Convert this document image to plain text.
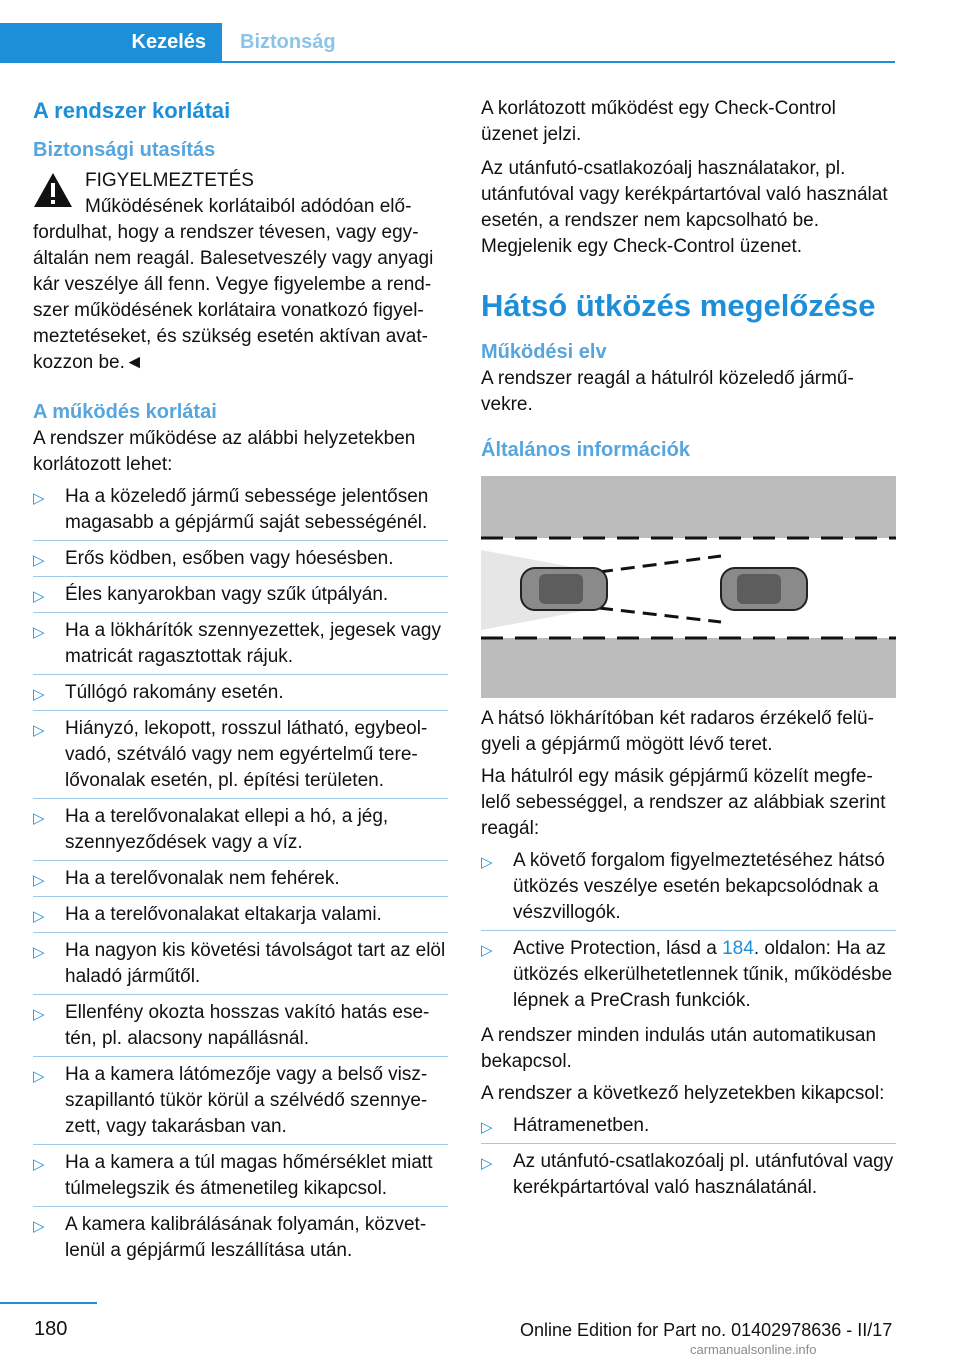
Kezelés	Biztonság
A rendszer korlátai
Biztonsági utasítás

FIGYELMEZTETÉS

Működésének korlátaiból adódóan előfordulhat, hogy a rendszer tévesen, vagy egyáltalán nem reagál. Balesetveszély vagy anyagi kár veszélye áll fenn. Vegye figyelembe a rendszer működésének korlátaira vonatkozó figyelmeztetéseket, és szükség esetén aktívan avatkozzon be.◄

A működés korlátai

A rendszer működése az alábbi helyzetekben korlátozott lehet:

▷ Ha a közeledő jármű sebessége jelentősen magasabb a gépjármű saját sebességénél.
▷ Erős ködben, esőben vagy hóesésben.
▷ Éles kanyarokban vagy szűk útpályán.
▷ Ha a lökhárítók szennyezettek, jegesek vagy matricát ragasztottak rájuk.
▷ Túllógó rakomány esetén.
▷ Hiányzó, lekopott, rosszul látható, egybeolvadó, szétváló vagy nem egyértelmű terelővonalak esetén, pl. építési területen.
▷ Ha a terelővonalakat ellepi a hó, a jég, szennyeződések vagy a víz.
▷ Ha a terelővonalak nem fehérek.
▷ Ha a terelővonalakat eltakarja valami.
▷ Ha nagyon kis követési távolságot tart az elöl haladó járműtől.
▷ Ellenfény okozta hosszas vakító hatás esetén, pl. alacsony napállásnál.
▷ Ha a kamera látómezője vagy a belső viszszapillantó tükör körül a szélvédő szennyezett, vagy takarásban van.
▷ Ha a kamera a túl magas hőmérséklet miatt túlmelegszik és átmenetileg kikapcsol.
▷ A kamera kalibrálásának folyamán, közvetlenül a gépjármű leszállítása után.

A korlátozott működést egy Check-Control üzenet jelzi.

Az utánfutó-csatlakozóalj használatakor, pl. utánfutóval vagy kerékpártartóval való használat esetén, a rendszer nem kapcsolható be. Megjelenik egy Check-Control üzenet.

Hátsó ütközés megelőzése
Működési elv

A rendszer reagál a hátulról közeledő járművekre.

Általános információk

A hátsó lökhárítóban két radaros érzékelő felügyeli a gépjármű mögött lévő teret.

Ha hátulról egy másik gépjármű közelít megfelelő sebességgel, a rendszer az alábbiak szerint reagál:

▷ A követő forgalom figyelmeztetéséhez hátsó ütközés veszélye esetén bekapcsolódnak a vészvillogók.
▷ Active Protection, lásd a 184. oldalon: Ha az ütközés elkerülhetetlennek tűnik, működésbe lépnek a PreCrash funkciók.

A rendszer minden indulás után automatikusan bekapcsol.

A rendszer a következő helyzetekben kikapcsol:

▷ Hátramenetben.
▷ Az utánfutó-csatlakozóalj pl. utánfutóval vagy kerékpártartóval való használatánál.
180	Online Edition for Part no. 01402978636 - II/17
carmanualsonline.info
